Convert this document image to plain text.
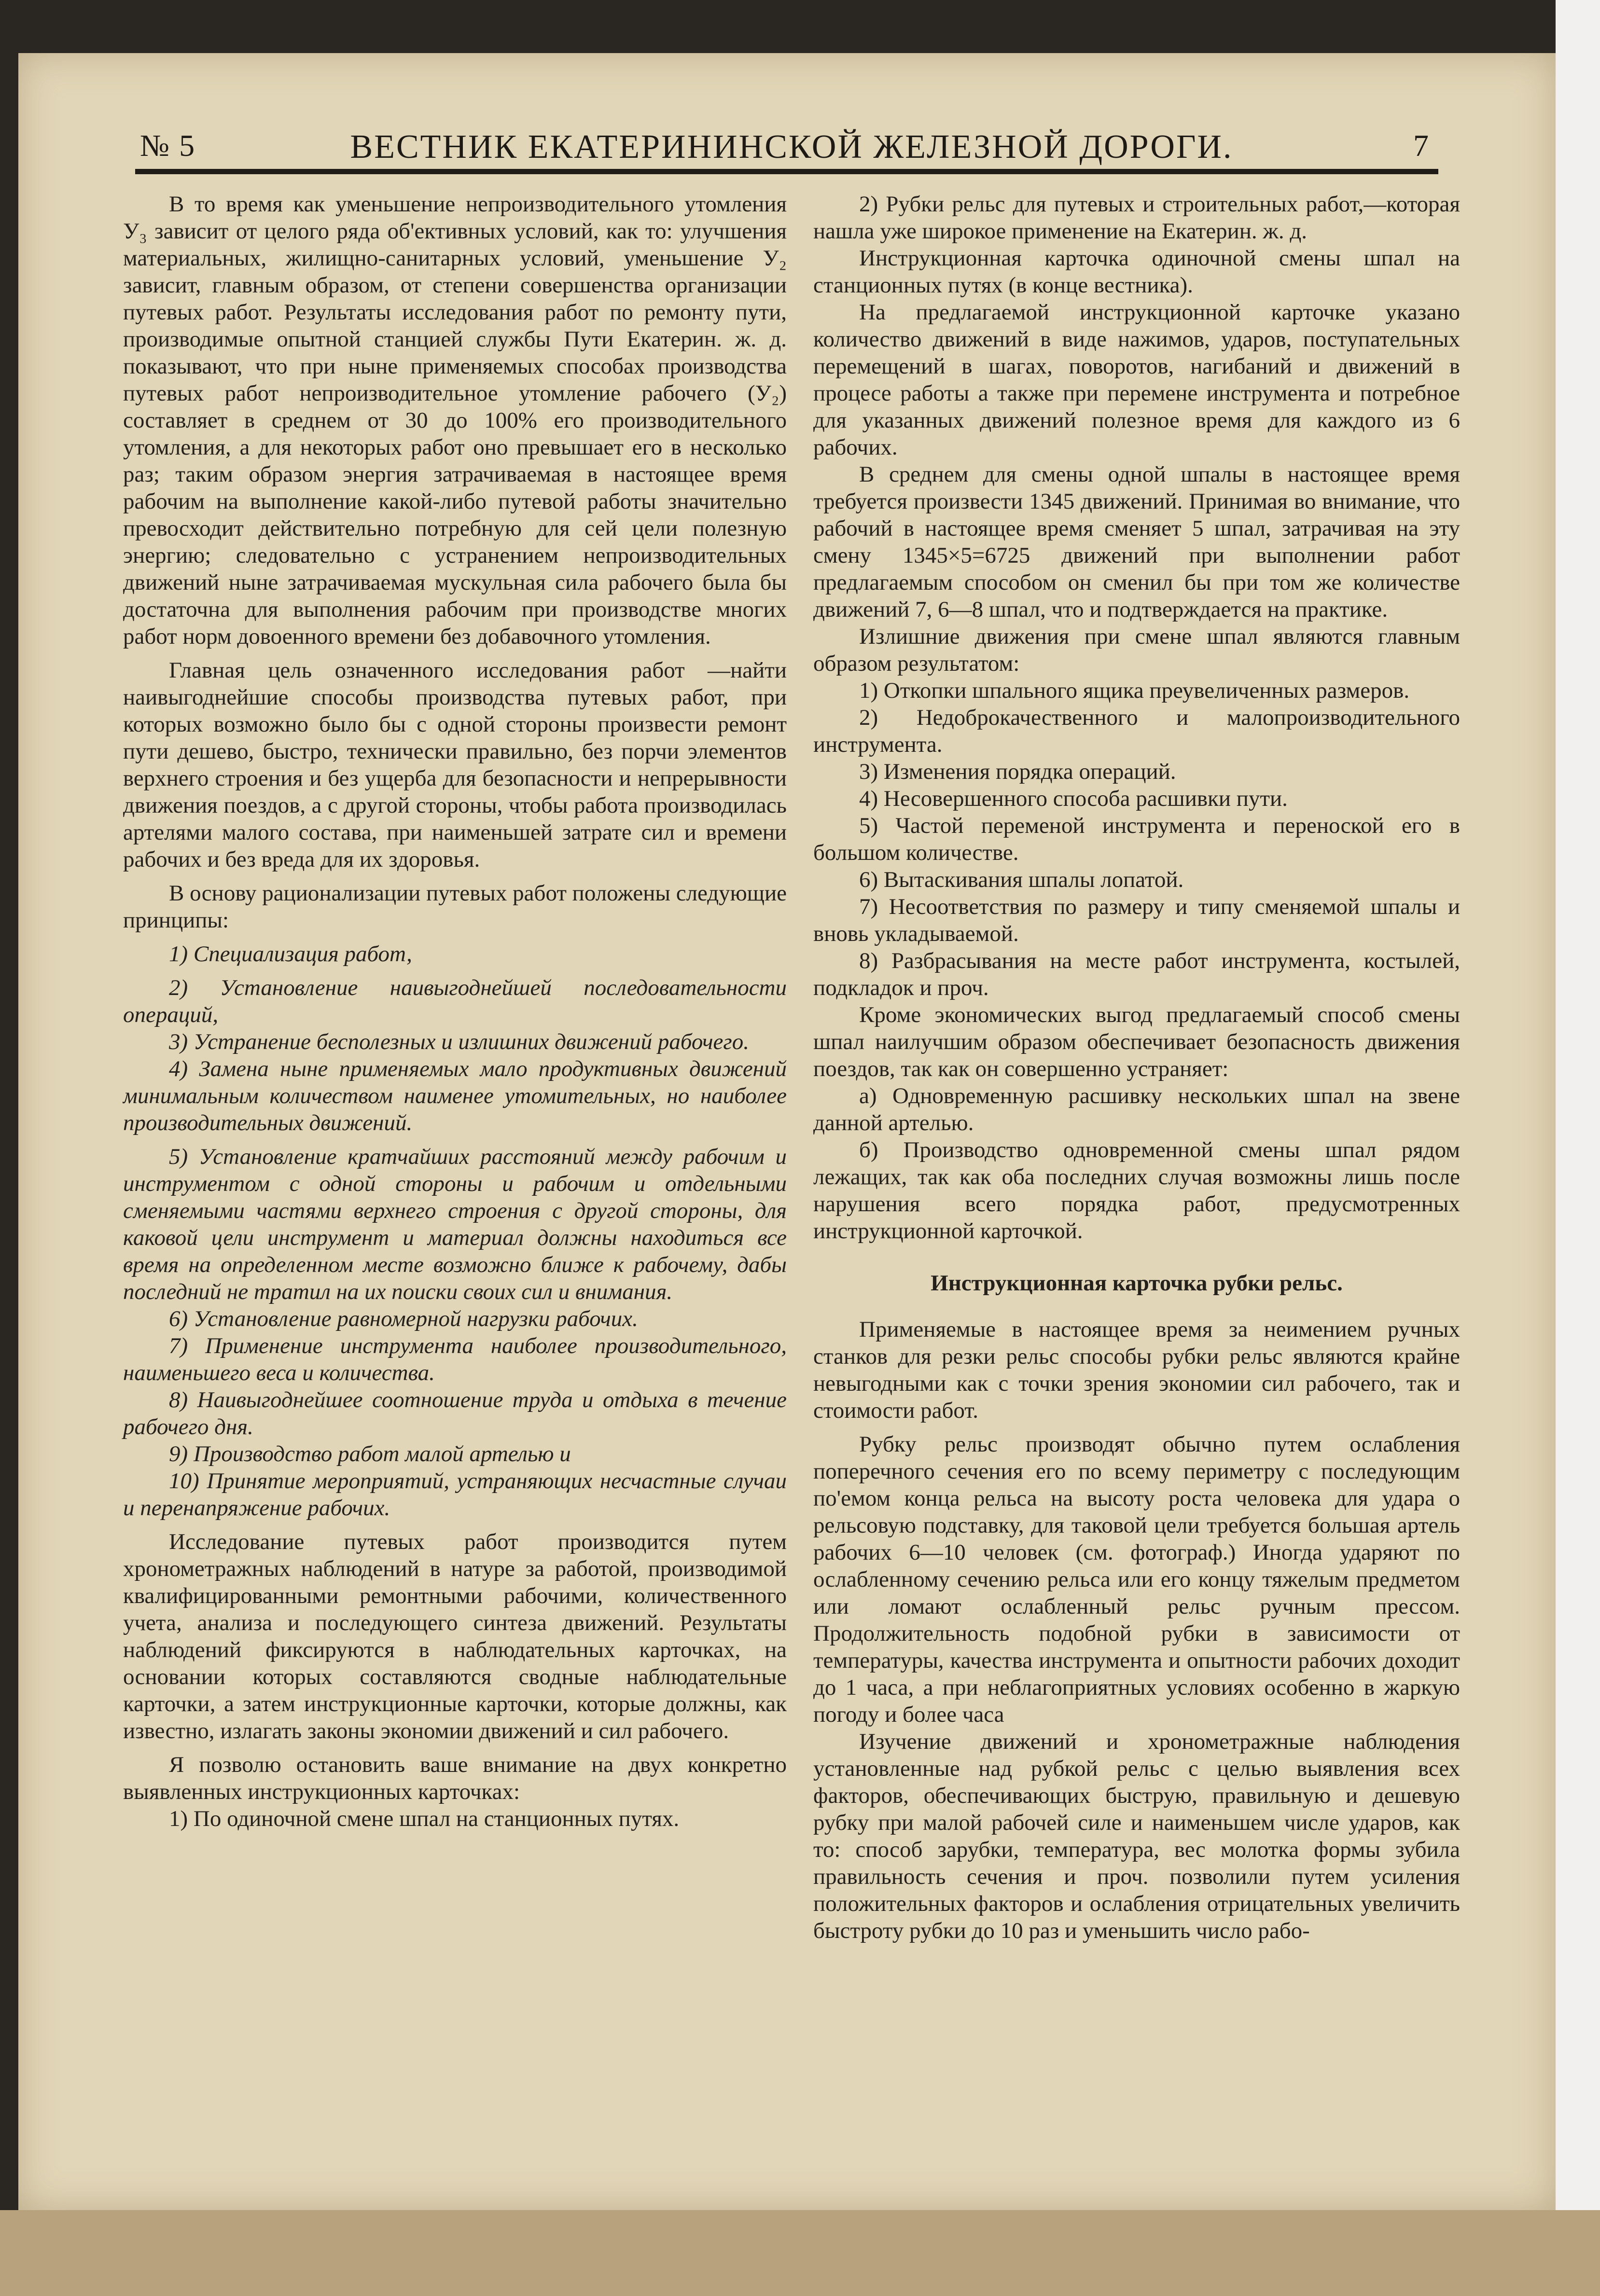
№ 5	ВЕСТНИК ЕКАТЕРИНИНСКОЙ ЖЕЛЕЗНОЙ ДОРОГИ.	7

В то время как уменьшение непроизводительного утомления У₃ зависит от целого ряда об'ективных условий, как то: улучшения материальных, жилищно-санитарных условий, уменьшение У₂ зависит, главным образом, от степени совершенства организации путевых работ. Результаты исследования работ по ремонту пути, производимые опытной станцией службы Пути Екатерин. ж. д. показывают, что при ныне применяемых способах производства путевых работ непроизводительное утомление рабочего (У₂) составляет в среднем от 30 до 100% его производительного утомления, а для некоторых работ оно превышает его в несколько раз; таким образом энергия затрачиваемая в настоящее время рабочим на выполнение какой-либо путевой работы значительно превосходит действительно потребную для сей цели полезную энергию; следовательно с устранением непроизводительных движений ныне затрачиваемая мускульная сила рабочего была бы достаточна для выполнения рабочим при производстве многих работ норм довоенного времени без добавочного утомления.

Главная цель означенного исследования работ —найти наивыгоднейшие способы производства путевых работ, при которых возможно было бы с одной стороны произвести ремонт пути дешево, быстро, технически правильно, без порчи элементов верхнего строения и без ущерба для безопасности и непрерывности движения поездов, а с другой стороны, чтобы работа производилась артелями малого состава, при наименьшей затрате сил и времени рабочих и без вреда для их здоровья.

В основу рационализации путевых работ положены следующие принципы:

1) Специализация работ,

2) Установление наивыгоднейшей последовательности операций,

3) Устранение бесполезных и излишних движений рабочего.

4) Замена ныне применяемых мало продуктивных движений минимальным количеством наименее утомительных, но наиболее производительных движений.

5) Установление кратчайших расстояний между рабочим и инструментом с одной стороны и рабочим и отдельными сменяемыми частями верхнего строения с другой стороны, для каковой цели инструмент и материал должны находиться все время на определенном месте возможно ближе к рабочему, дабы последний не тратил на их поиски своих сил и внимания.

6) Установление равномерной нагрузки рабочих.

7) Применение инструмента наиболее производительного, наименьшего веса и количества.

8) Наивыгоднейшее соотношение труда и отдыха в течение рабочего дня.

9) Производство работ малой артелью и

10) Принятие мероприятий, устраняющих несчастные случаи и перенапряжение рабочих.

Исследование путевых работ производится путем хронометражных наблюдений в натуре за работой, производимой квалифицированными ремонтными рабочими, количественного учета, анализа и последующего синтеза движений. Результаты наблюдений фиксируются в наблюдательных карточках, на основании которых составляются сводные наблюдательные карточки, а затем инструкционные карточки, которые должны, как известно, излагать законы экономии движений и сил рабочего.

Я позволю остановить ваше внимание на двух конкретно выявленных инструкционных карточках:

1) По одиночной смене шпал на станционных путях.

2) Рубки рельс для путевых и строительных работ,—которая нашла уже широкое применение на Екатерин. ж. д.

Инструкционная карточка одиночной смены шпал на станционных путях (в конце вестника).

На предлагаемой инструкционной карточке указано количество движений в виде нажимов, ударов, поступательных перемещений в шагах, поворотов, нагибаний и движений в процесе работы а также при перемене инструмента и потребное для указанных движений полезное время для каждого из 6 рабочих.

В среднем для смены одной шпалы в настоящее время требуется произвести 1345 движений. Принимая во внимание, что рабочий в настоящее время сменяет 5 шпал, затрачивая на эту смену 1345×5=6725 движений при выполнении работ предлагаемым способом он сменил бы при том же количестве движений 7, 6—8 шпал, что и подтверждается на практике.

Излишние движения при смене шпал являются главным образом результатом:

1) Откопки шпального ящика преувеличенных размеров.

2) Недоброкачественного и малопроизводительного инструмента.

3) Изменения порядка операций.

4) Несовершенного способа расшивки пути.

5) Частой переменой инструмента и переноской его в большом количестве.

6) Вытаскивания шпалы лопатой.

7) Несоответствия по размеру и типу сменяемой шпалы и вновь укладываемой.

8) Разбрасывания на месте работ инструмента, костылей, подкладок и проч.

Кроме экономических выгод предлагаемый способ смены шпал наилучшим образом обеспечивает безопасность движения поездов, так как он совершенно устраняет:

а) Одновременную расшивку нескольких шпал на звене данной артелью.

б) Производство одновременной смены шпал рядом лежащих, так как оба последних случая возможны лишь после нарушения всего порядка работ, предусмотренных инструкционной карточкой.

Инструкционная карточка рубки рельс.

Применяемые в настоящее время за неимением ручных станков для резки рельс способы рубки рельс являются крайне невыгодными как с точки зрения экономии сил рабочего, так и стоимости работ.

Рубку рельс производят обычно путем ослабления поперечного сечения его по всему периметру с последующим по'емом конца рельса на высоту роста человека для удара о рельсовую подставку, для таковой цели требуется большая артель рабочих 6—10 человек (см. фотограф.) Иногда ударяют по ослабленному сечению рельса или его концу тяжелым предметом или ломают ослабленный рельс ручным прессом. Продолжительность подобной рубки в зависимости от температуры, качества инструмента и опытности рабочих доходит до 1 часа, а при неблагоприятных условиях особенно в жаркую погоду и более часа

Изучение движений и хронометражные наблюдения установленные над рубкой рельс с целью выявления всех факторов, обеспечивающих быструю, правильную и дешевую рубку при малой рабочей силе и наименьшем числе ударов, как то: способ зарубки, температура, вес молотка формы зубила правильность сечения и проч. позволили путем усиления положительных факторов и ослабления отрицательных увеличить быстроту рубки до 10 раз и уменьшить число рабо-
